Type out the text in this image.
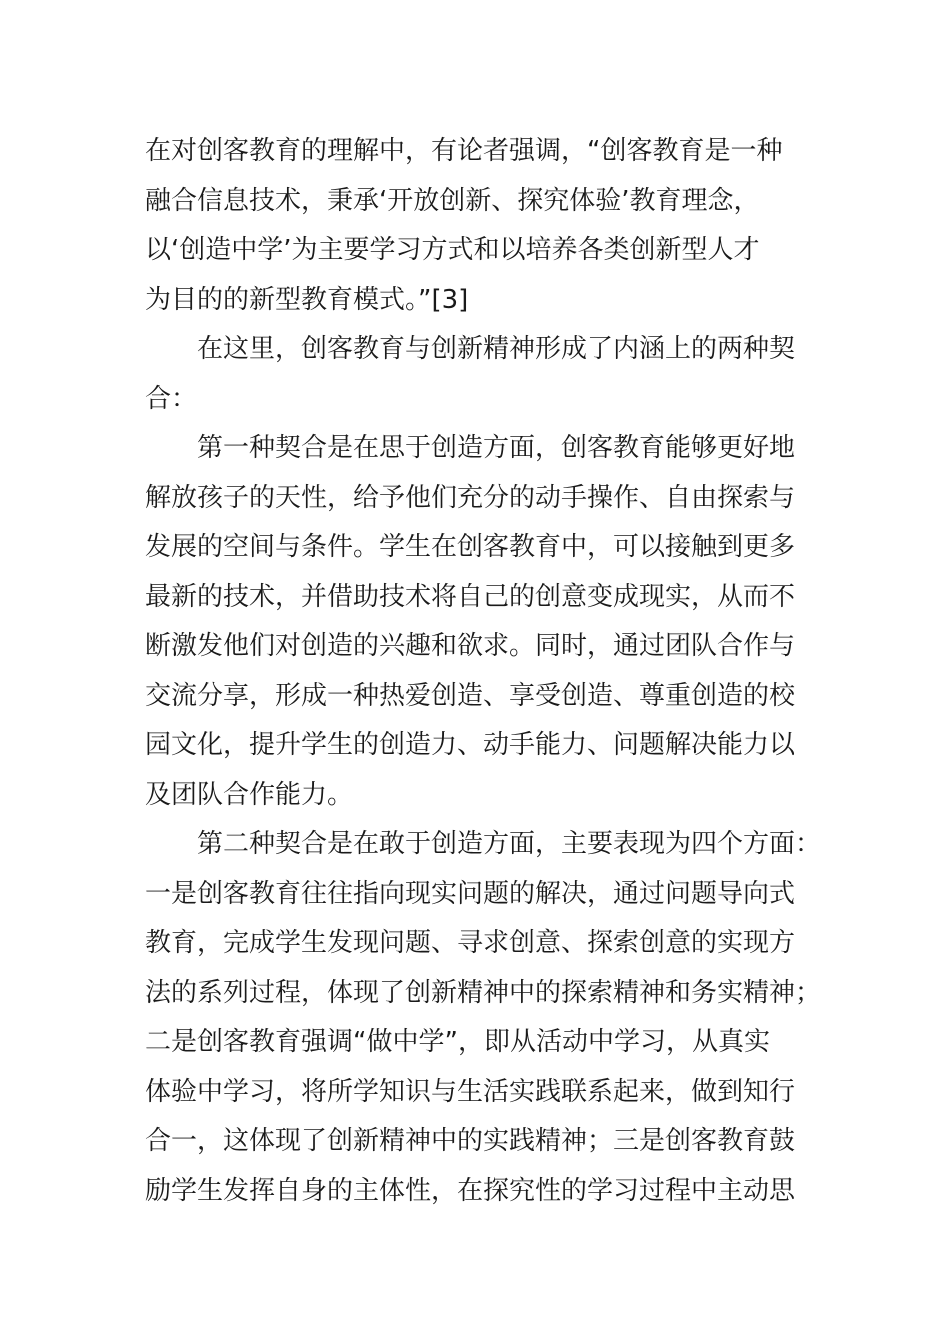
在对创客教育的理解中，有论者强调，“创客教育是一种
融合信息技术，秉承‘开放创新、探究体验’教育理念，
以‘创造中学’为主要学习方式和以培养各类创新型人才
为目的的新型教育模式。”[3]
在这里，创客教育与创新精神形成了内涵上的两种契
合：
第一种契合是在思于创造方面，创客教育能够更好地
解放孩子的天性，给予他们充分的动手操作、自由探索与
发展的空间与条件。学生在创客教育中，可以接触到更多
最新的技术，并借助技术将自己的创意变成现实，从而不
断激发他们对创造的兴趣和欲求。同时，通过团队合作与
交流分享，形成一种热爱创造、享受创造、尊重创造的校
园文化，提升学生的创造力、动手能力、问题解决能力以
及团队合作能力。
第二种契合是在敢于创造方面，主要表现为四个方面：
一是创客教育往往指向现实问题的解决，通过问题导向式
教育，完成学生发现问题、寻求创意、探索创意的实现方
法的系列过程，体现了创新精神中的探索精神和务实精神；
二是创客教育强调“做中学”，即从活动中学习，从真实
体验中学习，将所学知识与生活实践联系起来，做到知行
合一，这体现了创新精神中的实践精神；三是创客教育鼓
励学生发挥自身的主体性，在探究性的学习过程中主动思
